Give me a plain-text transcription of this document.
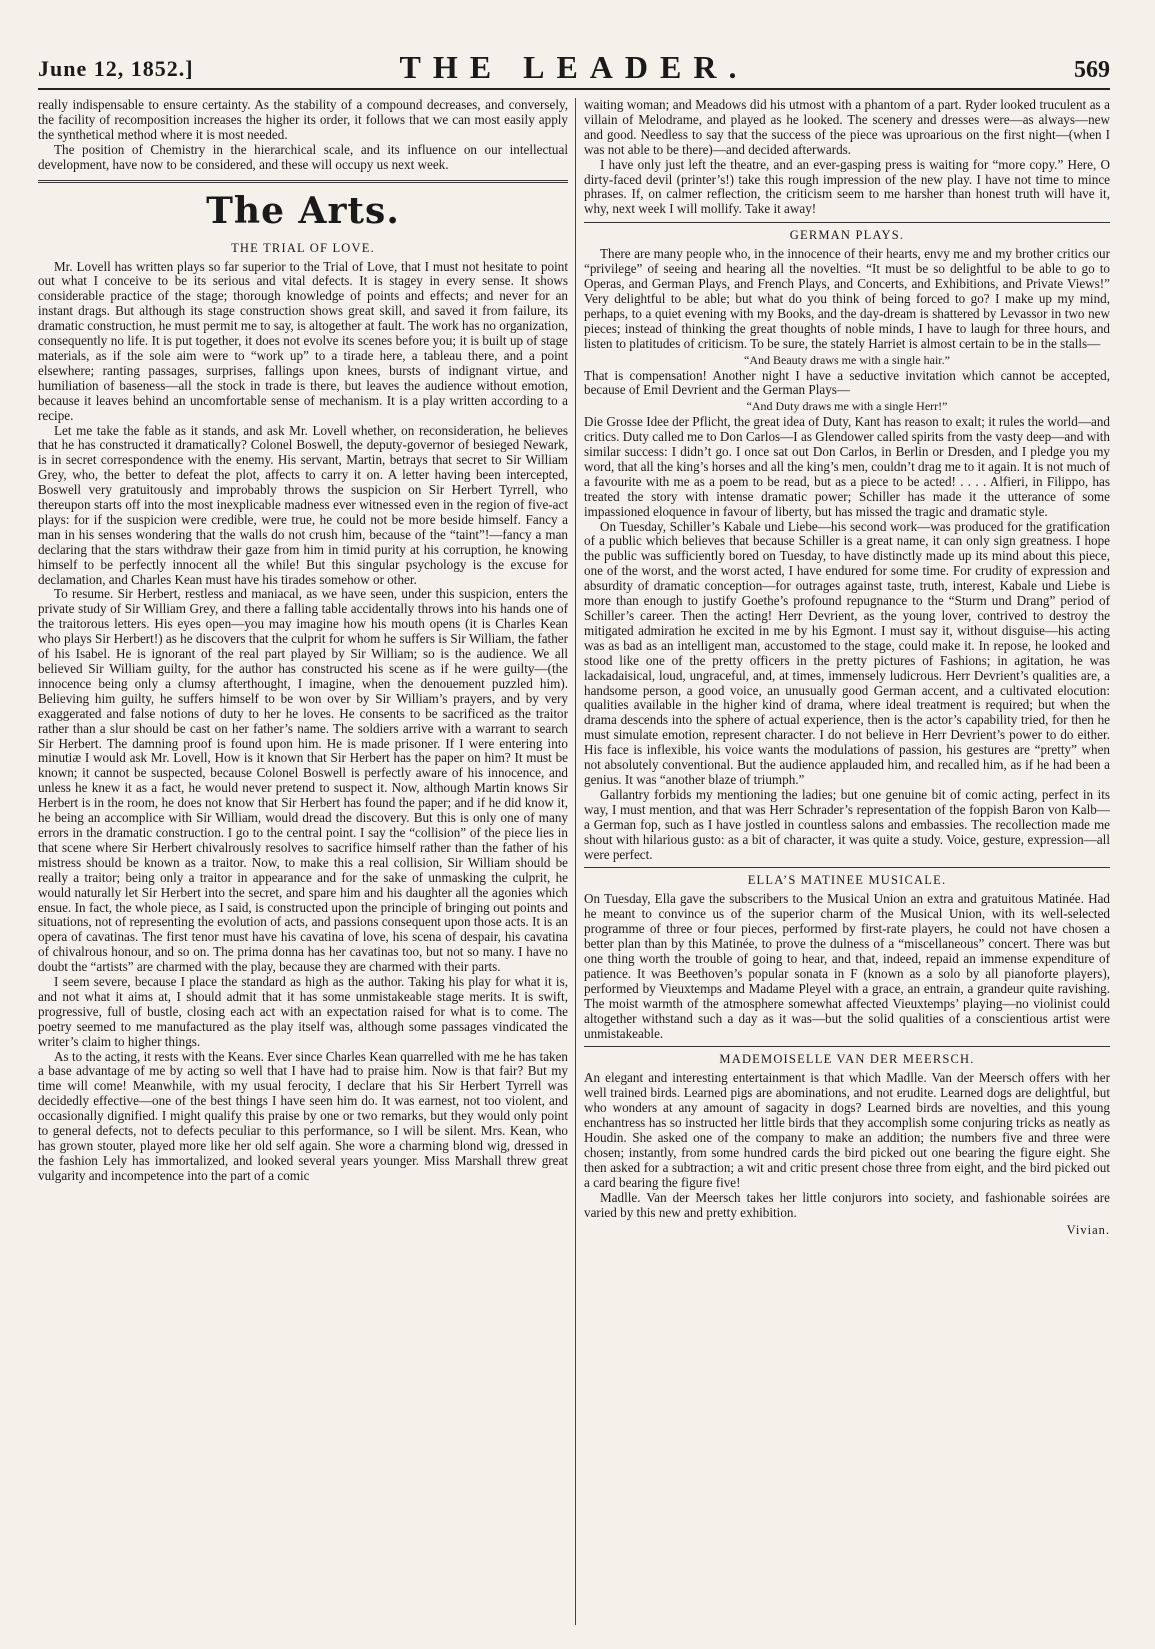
June 12, 1852.]	THE LEADER.	569

really indispensable to ensure certainty. As the stability of a compound decreases, and conversely, the facility of recomposition increases the higher its order, it follows that we can most easily apply the synthetical method where it is most needed.

The position of Chemistry in the hierarchical scale, and its influence on our intellectual development, have now to be considered, and these will occupy us next week.

The Arts.
THE TRIAL OF LOVE.

Mr. Lovell has written plays so far superior to the Trial of Love, that I must not hesitate to point out what I conceive to be its serious and vital defects. It is stagey in every sense. It shows considerable practice of the stage; thorough knowledge of points and effects; and never for an instant drags. But although its stage construction shows great skill, and saved it from failure, its dramatic construction, he must permit me to say, is altogether at fault. The work has no organization, consequently no life. It is put together, it does not evolve its scenes before you; it is built up of stage materials, as if the sole aim were to “work up” to a tirade here, a tableau there, and a point elsewhere; ranting passages, surprises, fallings upon knees, bursts of indignant virtue, and humiliation of baseness—all the stock in trade is there, but leaves the audience without emotion, because it leaves behind an uncomfortable sense of mechanism. It is a play written according to a recipe.

Let me take the fable as it stands, and ask Mr. Lovell whether, on reconsideration, he believes that he has constructed it dramatically? Colonel Boswell, the deputy-governor of besieged Newark, is in secret correspondence with the enemy. His servant, Martin, betrays that secret to Sir William Grey, who, the better to defeat the plot, affects to carry it on. A letter having been intercepted, Boswell very gratuitously and improbably throws the suspicion on Sir Herbert Tyrrell, who thereupon starts off into the most inexplicable madness ever witnessed even in the region of five-act plays: for if the suspicion were credible, were true, he could not be more beside himself. Fancy a man in his senses wondering that the walls do not crush him, because of the “taint”!—fancy a man declaring that the stars withdraw their gaze from him in timid purity at his corruption, he knowing himself to be perfectly innocent all the while! But this singular psychology is the excuse for declamation, and Charles Kean must have his tirades somehow or other.

To resume. Sir Herbert, restless and maniacal, as we have seen, under this suspicion, enters the private study of Sir William Grey, and there a falling table accidentally throws into his hands one of the traitorous letters. His eyes open—you may imagine how his mouth opens (it is Charles Kean who plays Sir Herbert!) as he discovers that the culprit for whom he suffers is Sir William, the father of his Isabel. He is ignorant of the real part played by Sir William; so is the audience. We all believed Sir William guilty, for the author has constructed his scene as if he were guilty—(the innocence being only a clumsy afterthought, I imagine, when the denouement puzzled him). Believing him guilty, he suffers himself to be won over by Sir William’s prayers, and by very exaggerated and false notions of duty to her he loves. He consents to be sacrificed as the traitor rather than a slur should be cast on her father’s name. The soldiers arrive with a warrant to search Sir Herbert. The damning proof is found upon him. He is made prisoner. If I were entering into minutiæ I would ask Mr. Lovell, How is it known that Sir Herbert has the paper on him? It must be known; it cannot be suspected, because Colonel Boswell is perfectly aware of his innocence, and unless he knew it as a fact, he would never pretend to suspect it. Now, although Martin knows Sir Herbert is in the room, he does not know that Sir Herbert has found the paper; and if he did know it, he being an accomplice with Sir William, would dread the discovery. But this is only one of many errors in the dramatic construction. I go to the central point. I say the “collision” of the piece lies in that scene where Sir Herbert chivalrously resolves to sacrifice himself rather than the father of his mistress should be known as a traitor. Now, to make this a real collision, Sir William should be really a traitor; being only a traitor in appearance and for the sake of unmasking the culprit, he would naturally let Sir Herbert into the secret, and spare him and his daughter all the agonies which ensue. In fact, the whole piece, as I said, is constructed upon the principle of bringing out points and situations, not of representing the evolution of acts, and passions consequent upon those acts. It is an opera of cavatinas. The first tenor must have his cavatina of love, his scena of despair, his cavatina of chivalrous honour, and so on. The prima donna has her cavatinas too, but not so many. I have no doubt the “artists” are charmed with the play, because they are charmed with their parts.

I seem severe, because I place the standard as high as the author. Taking his play for what it is, and not what it aims at, I should admit that it has some unmistakeable stage merits. It is swift, progressive, full of bustle, closing each act with an expectation raised for what is to come. The poetry seemed to me manufactured as the play itself was, although some passages vindicated the writer’s claim to higher things.

As to the acting, it rests with the Keans. Ever since Charles Kean quarrelled with me he has taken a base advantage of me by acting so well that I have had to praise him. Now is that fair? But my time will come! Meanwhile, with my usual ferocity, I declare that his Sir Herbert Tyrrell was decidedly effective—one of the best things I have seen him do. It was earnest, not too violent, and occasionally dignified. I might qualify this praise by one or two remarks, but they would only point to general defects, not to defects peculiar to this performance, so I will be silent. Mrs. Kean, who has grown stouter, played more like her old self again. She wore a charming blond wig, dressed in the fashion Lely has immortalized, and looked several years younger. Miss Marshall threw great vulgarity and incompetence into the part of a comic

waiting woman; and Meadows did his utmost with a phantom of a part. Ryder looked truculent as a villain of Melodrame, and played as he looked. The scenery and dresses were—as always—new and good. Needless to say that the success of the piece was uproarious on the first night—(when I was not able to be there)—and decided afterwards.

I have only just left the theatre, and an ever-gasping press is waiting for “more copy.” Here, O dirty-faced devil (printer’s!) take this rough impression of the new play. I have not time to mince phrases. If, on calmer reflection, the criticism seem to me harsher than honest truth will have it, why, next week I will mollify. Take it away!

GERMAN PLAYS.

There are many people who, in the innocence of their hearts, envy me and my brother critics our “privilege” of seeing and hearing all the novelties. “It must be so delightful to be able to go to Operas, and German Plays, and French Plays, and Concerts, and Exhibitions, and Private Views!” Very delightful to be able; but what do you think of being forced to go? I make up my mind, perhaps, to a quiet evening with my Books, and the day-dream is shattered by Levassor in two new pieces; instead of thinking the great thoughts of noble minds, I have to laugh for three hours, and listen to platitudes of criticism. To be sure, the stately Harriet is almost certain to be in the stalls—

“And Beauty draws me with a single hair.”

That is compensation! Another night I have a seductive invitation which cannot be accepted, because of Emil Devrient and the German Plays—

“And Duty draws me with a single Herr!”

Die Grosse Idee der Pflicht, the great idea of Duty, Kant has reason to exalt; it rules the world—and critics. Duty called me to Don Carlos—I as Glendower called spirits from the vasty deep—and with similar success: I didn’t go. I once sat out Don Carlos, in Berlin or Dresden, and I pledge you my word, that all the king’s horses and all the king’s men, couldn’t drag me to it again. It is not much of a favourite with me as a poem to be read, but as a piece to be acted! . . . . Alfieri, in Filippo, has treated the story with intense dramatic power; Schiller has made it the utterance of some impassioned eloquence in favour of liberty, but has missed the tragic and dramatic style.

On Tuesday, Schiller’s Kabale und Liebe—his second work—was produced for the gratification of a public which believes that because Schiller is a great name, it can only sign greatness. I hope the public was sufficiently bored on Tuesday, to have distinctly made up its mind about this piece, one of the worst, and the worst acted, I have endured for some time. For crudity of expression and absurdity of dramatic conception—for outrages against taste, truth, interest, Kabale und Liebe is more than enough to justify Goethe’s profound repugnance to the “Sturm und Drang” period of Schiller’s career. Then the acting! Herr Devrient, as the young lover, contrived to destroy the mitigated admiration he excited in me by his Egmont. I must say it, without disguise—his acting was as bad as an intelligent man, accustomed to the stage, could make it. In repose, he looked and stood like one of the pretty officers in the pretty pictures of Fashions; in agitation, he was lackadaisical, loud, ungraceful, and, at times, immensely ludicrous. Herr Devrient’s qualities are, a handsome person, a good voice, an unusually good German accent, and a cultivated elocution: qualities available in the higher kind of drama, where ideal treatment is required; but when the drama descends into the sphere of actual experience, then is the actor’s capability tried, for then he must simulate emotion, represent character. I do not believe in Herr Devrient’s power to do either. His face is inflexible, his voice wants the modulations of passion, his gestures are “pretty” when not absolutely conventional. But the audience applauded him, and recalled him, as if he had been a genius. It was “another blaze of triumph.”

Gallantry forbids my mentioning the ladies; but one genuine bit of comic acting, perfect in its way, I must mention, and that was Herr Schrader’s representation of the foppish Baron von Kalb—a German fop, such as I have jostled in countless salons and embassies. The recollection made me shout with hilarious gusto: as a bit of character, it was quite a study. Voice, gesture, expression—all were perfect.

ELLA’S MATINEE MUSICALE.

On Tuesday, Ella gave the subscribers to the Musical Union an extra and gratuitous Matinée. Had he meant to convince us of the superior charm of the Musical Union, with its well-selected programme of three or four pieces, performed by first-rate players, he could not have chosen a better plan than by this Matinée, to prove the dulness of a “miscellaneous” concert. There was but one thing worth the trouble of going to hear, and that, indeed, repaid an immense expenditure of patience. It was Beethoven’s popular sonata in F (known as a solo by all pianoforte players), performed by Vieuxtemps and Madame Pleyel with a grace, an entrain, a grandeur quite ravishing. The moist warmth of the atmosphere somewhat affected Vieuxtemps’ playing—no violinist could altogether withstand such a day as it was—but the solid qualities of a conscientious artist were unmistakeable.

MADEMOISELLE VAN DER MEERSCH.

An elegant and interesting entertainment is that which Madlle. Van der Meersch offers with her well trained birds. Learned pigs are abominations, and not erudite. Learned dogs are delightful, but who wonders at any amount of sagacity in dogs? Learned birds are novelties, and this young enchantress has so instructed her little birds that they accomplish some conjuring tricks as neatly as Houdin. She asked one of the company to make an addition; the numbers five and three were chosen; instantly, from some hundred cards the bird picked out one bearing the figure eight. She then asked for a subtraction; a wit and critic present chose three from eight, and the bird picked out a card bearing the figure five!

Madlle. Van der Meersch takes her little conjurors into society, and fashionable soirées are varied by this new and pretty exhibition.

Vivian.
